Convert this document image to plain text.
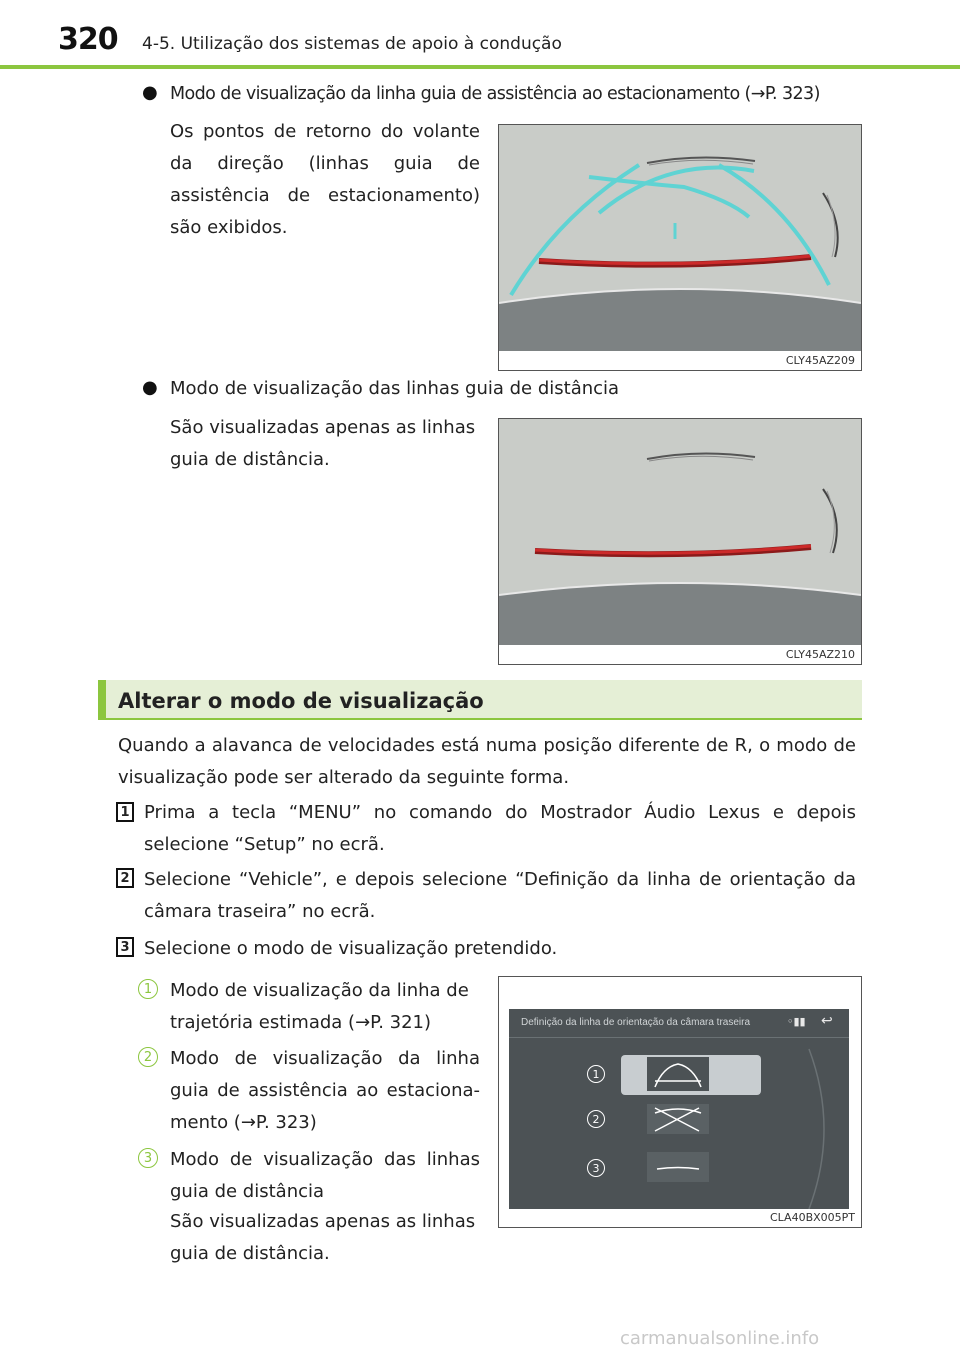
320 4-5. Utilização dos sistemas de apoio à condução
● Modo de visualização da linha guia de assistência ao estacionamento (→P. 323)
Os pontos de retorno do volante da direção (linhas guia de assistência de estacionamento) são exibidos.
CLY45AZ209
● Modo de visualização das linhas guia de distância
São visualizadas apenas as linhas guia de distância.
CLY45AZ210
Alterar o modo de visualização
Quando a alavanca de velocidades está numa posição diferente de R, o modo de visualização pode ser alterado da seguinte forma.
1 Prima a tecla “MENU” no comando do Mostrador Áudio Lexus e depois selecione “Setup” no ecrã.
2 Selecione “Vehicle”, e depois selecione “Definição da linha de orientação da câmara traseira” no ecrã.
3 Selecione o modo de visualização pretendido.
1 Modo de visualização da linha de trajetória estimada (→P. 321)
2 Modo de visualização da linha guia de assistência ao estaciona-mento (→P. 323)
3 Modo de visualização das linhas guia de distância
São visualizadas apenas as linhas guia de distância.
Definição da linha de orientação da câmara traseira	◦▮▮ ↩
1
2
3
CLA40BX005PT
carmanualsonline.info
